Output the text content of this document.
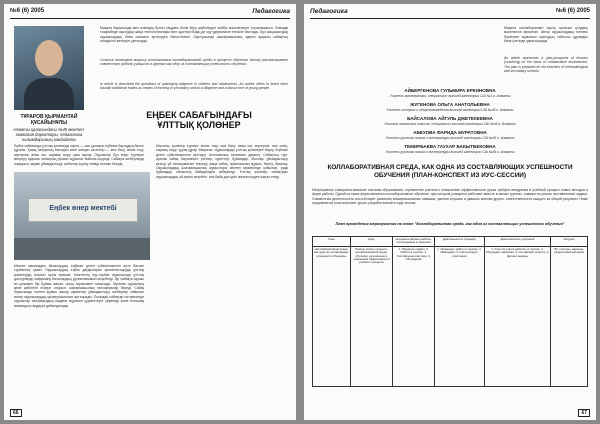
№6 (6) 2005	Педагогика
ТҰРАРОВ ҚЫРМАНТАЙ ҚҰСАЙЫНҰЛЫ
Алматы қаласындағы №45 мектеп-гимназия директоры, педагогика ғылымдарының кандидаты
Мақала барысында мен өзіміздің бүгінгі таңдағы білім беру жүйесіндегі кейбір мәселелерге тоқталмақпын. Әлемдік тәжірибеде оқытудың жаңа технологиялары мен әдістері біздің де оқу үдерісімізге енгізіле бастады. Бұл жаңашылдық оқушылардың білім сапасын арттыруға бағытталған. Оқытушылар шығармашылық ізденіс арқылы сабақтың тиімділігін көтеруге ұмтылуда.
Статья посвящена вопросу использования коллаборативной среды в процессе обучения. Автор рассматривает совместную работу учащихся в группах как одну из составляющих успешности обучения.
In article is described the questions of upbringing diligence in children and adolescents. An author offers to teach them Kazakh traditional trades as means of forming in secondary school a diligence and a labour love of young people.
ЕҢБЕК САБАҒЫНДАҒЫ ҰЛТТЫҚ ҚОЛӨНЕР
Еңбек сабағында ұлттық қолөнерді оқыту — жас ұрпақты еңбекке баулудың басты құралы. Қазақ халқының ежелден келе жатқан кәсіптері — киіз басу, кілем тоқу, зергерлік, ағаш ою, сырмақ сыру, қыш жасау. Оқушылар бұл өнер түрлерін меңгеру арқылы халықтың рухани мұрасын бойына сіңіреді. Сабақта шеберлерді шақырып, көрме ұйымдастыру, жобалар қорғау тиімді нәтиже береді.
Еңбек өнер мектебі
Мектеп жасындағы балалардың еңбекке деген сүйіспеншілігін ерте бастан тәрбиелеу қажет. Оқушылардың еңбек дағдыларын қалыптастыруда ұлттық қолөнердің алатын орны ерекше. Мектептің оқу-тәрбие жұмысында ұлттық дәстүрлерді пайдалану балалардың дүниетанымын кеңейтеді. Әр сабақта оқушы өз қолымен бір бұйым жасап, оның тарихымен танысады. Мұғалім оқушының жеке қабілетін ескере отырып, шығармашылық тапсырмалар береді. Сабақ барысында топпен жұмыс жасау, көрмелер ұйымдастыру, шеберлер сайысын өткізу оқушылардың қызығушылығын арттырады. Осындай сабақтар нәтижесінде оқушылар халқымыздың мәдени мұрасын құрметтеуге үйренеді және болашақ мамандық таңдауға дайындалады.
Мысалы, қолөнер түрлері: кілем тоқу; киіз басу; ағаш ою; зергерлік; тері илеу; сырмақ сыру; құрақ құрау. Мақсаты: оқушыларды ұлттық қолөнерге баулу, еңбекке деген сүйіспеншілігін арттыру, эстетикалық талғамын дамыту. Сабақтың түрі: аралас сабақ. Көрнекілігі: үлгілер, суреттер, бұйымдар. Жоспар: ұйымдастыру кезеңі, үй тапсырмасын тексеру, жаңа сабақ, практикалық жұмыс, бекіту, бағалау. Оқушылардың шығармашылық жұмыстары мектеп көрмесінде қойылып, үздік бұйымдар облыстық байқауларға жіберіледі. Ұлттық қолөнер сабақтары оқушылардың ой-өрісін кеңейтіп, ата-баба дәстүрін жалғастыруға ықпал етеді.
66
Педагогика	№6 (6) 2005
Мақала коллаборативті оқыту ортасын қолдану мәселесіне арналған. Автор оқушылардың топтағы бірлескен жұмысын оқытудың табысты құрамдас бөлігі ретінде қарастырады.
An article represents a plan-prospects of lessons (coaching) on the basis of collaborative environment. The plan is prepared for the teachers of methodological and secondary schools.
АЙБЕРГЕНОВА ГУЛЬМИРА ЕРКИНОВНА
Учитель математики, специалист высшей категории СШ №1 г. Алматы
ЖУГЕНОВА ОЛЬГА АНАТОЛЬЕВНА
Учитель истории и обществоведения высшей категории СШ №45 г. Алматы
БАЙСАЛОВА АЙГУЛЬ ДЖЕТЕКЕЕВНА
Учитель начальных классов, специалист высшей категории СШ №45 г. Алматы
АБЕУОВА ФАРИДА МУРАТОВНА
Учитель русского языка и литературы высшей категории СШ №45 г. Алматы
ТЕМИРБАЕВА ГАУХАР БАКЫТБЕКОВНА
Учитель русского языка и литературы высшей категории СШ №45 г. Алматы
КОЛЛАБОРАТИВНАЯ СРЕДА, КАК ОДНА ИЗ СОСТАВЛЯЮЩИХ УСПЕШНОСТИ ОБУЧЕНИЯ (ПЛАН-КОНСПЕКТ ИЗ ИУС-СЕССИИ)
Непрерывное совершенствование системы образования, стремление учителя к повышению эффективности урока требуют внедрения в учебный процесс новых методов и форм работы. Одной из таких форм является коллаборативное обучение, при котором учащиеся работают вместе в малых группах, совместно решая поставленные задачи. Совместная деятельность способствует развитию коммуникативных навыков, умения слушать и уважать мнение других, ответственности каждого за общий результат. Ниже предлагается план-конспект урока, разработанный в ходе сессии.
План проведения мероприятия по теме "Коллаборативная среда, как одна из составляющих успешности обучения"
Тема	Цель	Активные формы работы, используемые в тренинге	Деятельность тренера	Деятельность учителей	Ресурсы
«Коллаборативная среда, как одна из составляющих успешности обучения»	Помочь понять сущность коллаборативной среды обучения, её значение в повышении эффективности учебного процесса	1. Принятие правил. 2. Работа в группах. 3. Составление кластера. 4. Обсуждение	1. Организует работу в группах. 2. Наблюдает. 3. Консультирует участников	1. Учителя учатся работать в группах. 2. Обсуждают материал. 3. Составляют кластер. 4. Делают выводы	ПК, постеры, маркеры, раздаточный материал
67
